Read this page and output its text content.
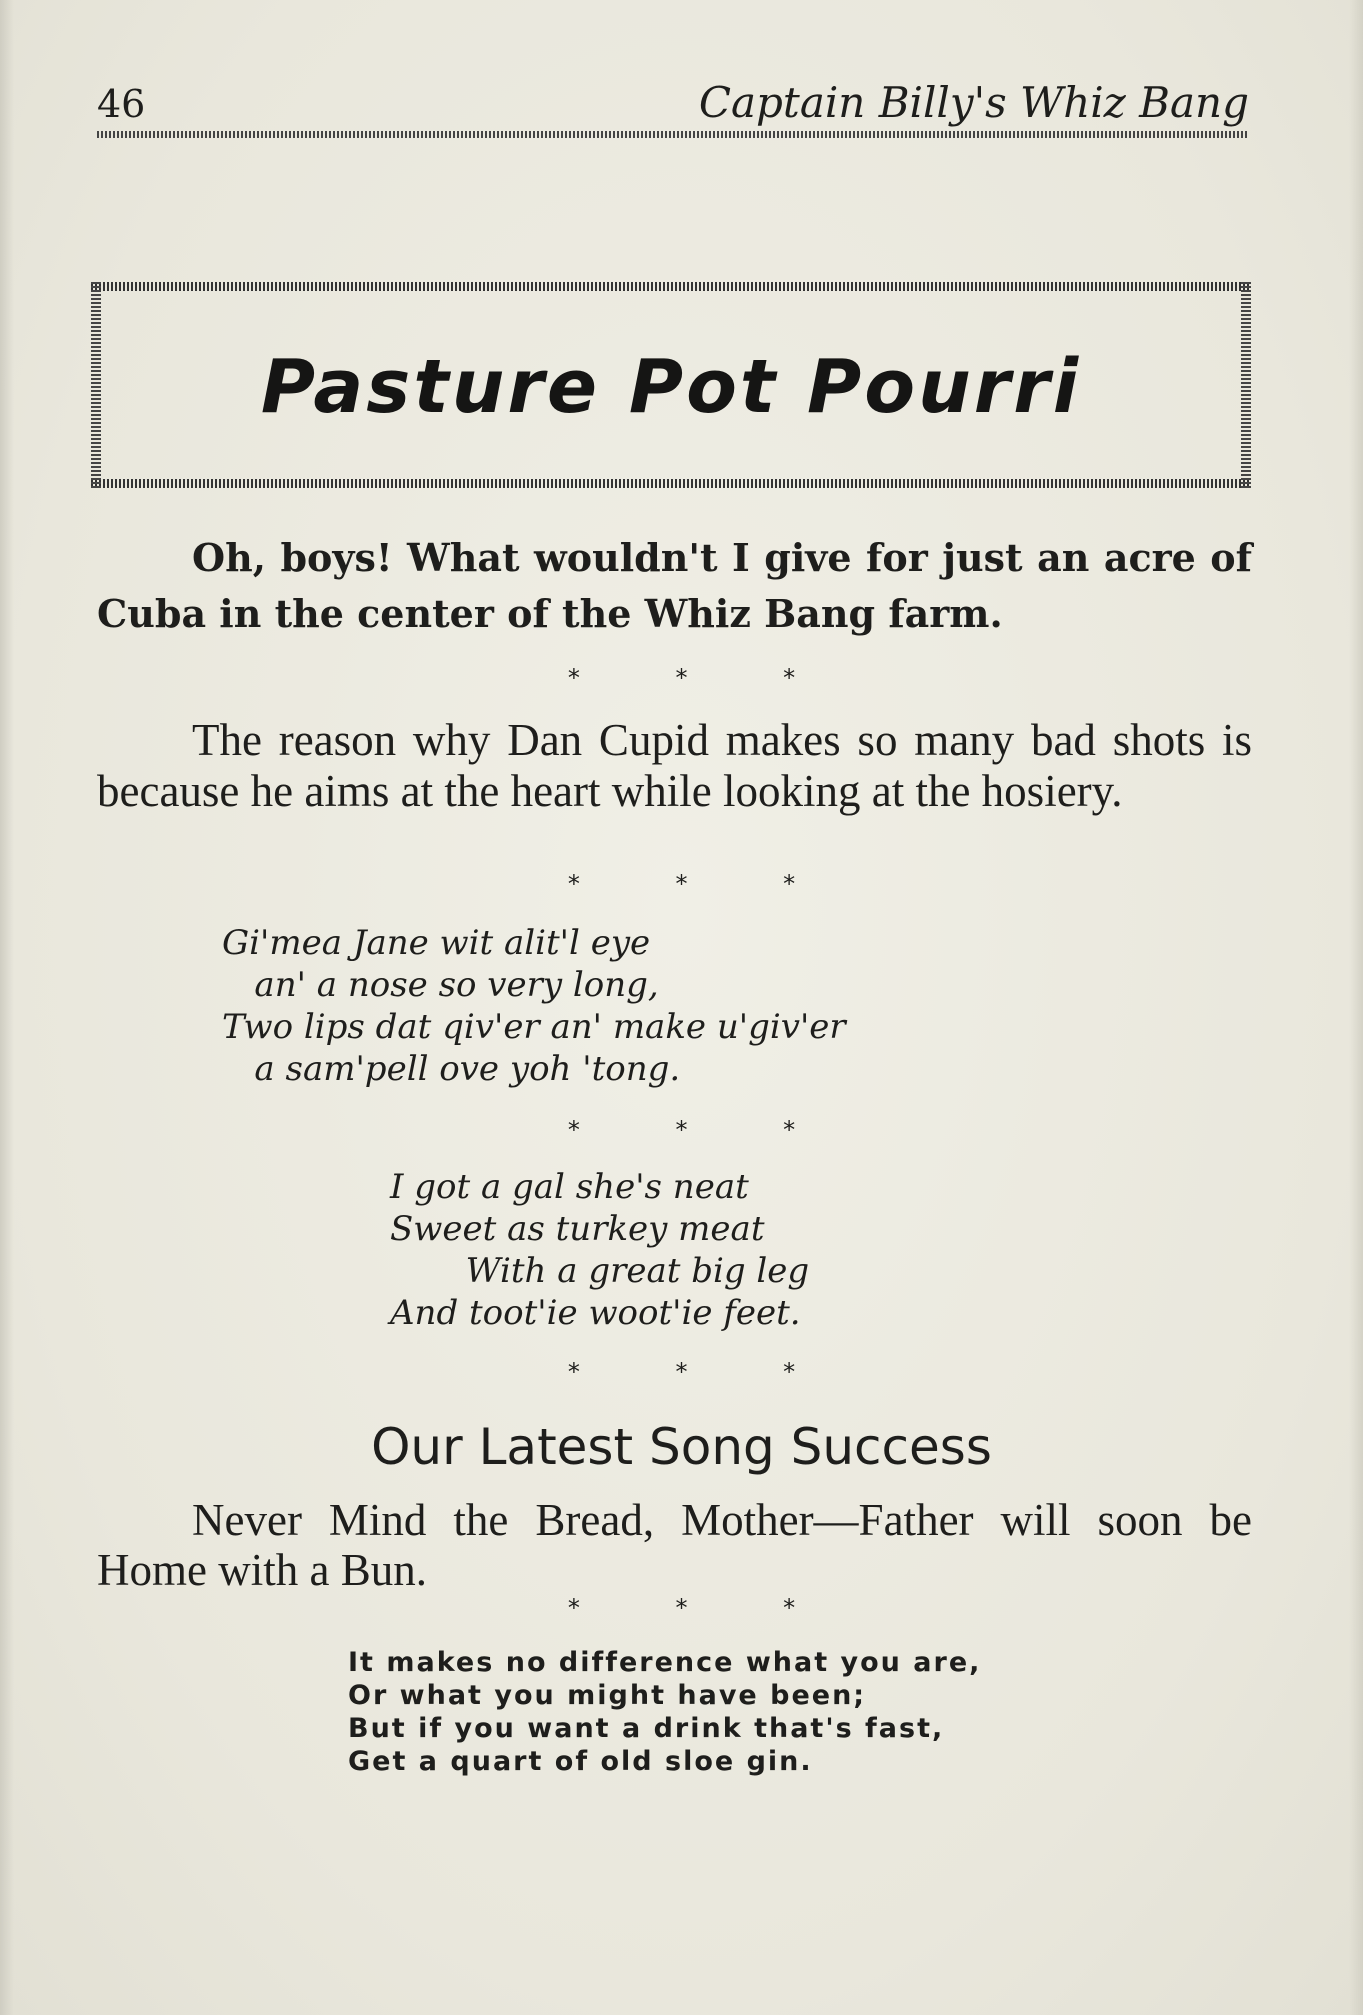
46	Captain Billy's Whiz Bang
Pasture Pot Pourri

Oh, boys! What wouldn't I give for just an acre of Cuba in the center of the Whiz Bang farm.

* * *

The reason why Dan Cupid makes so many bad shots is because he aims at the heart while looking at the hosiery.

* * *
Gi'mea Jane wit alit'l eye
an' a nose so very long,
Two lips dat qiv'er an' make u'giv'er
a sam'pell ove yoh 'tong.
* * *
I got a gal she's neat
Sweet as turkey meat
With a great big leg
And toot'ie woot'ie feet.
* * *
Our Latest Song Success

Never Mind the Bread, Mother—Father will soon be Home with a Bun.

* * *
It makes no difference what you are,
Or what you might have been;
But if you want a drink that's fast,
Get a quart of old sloe gin.
